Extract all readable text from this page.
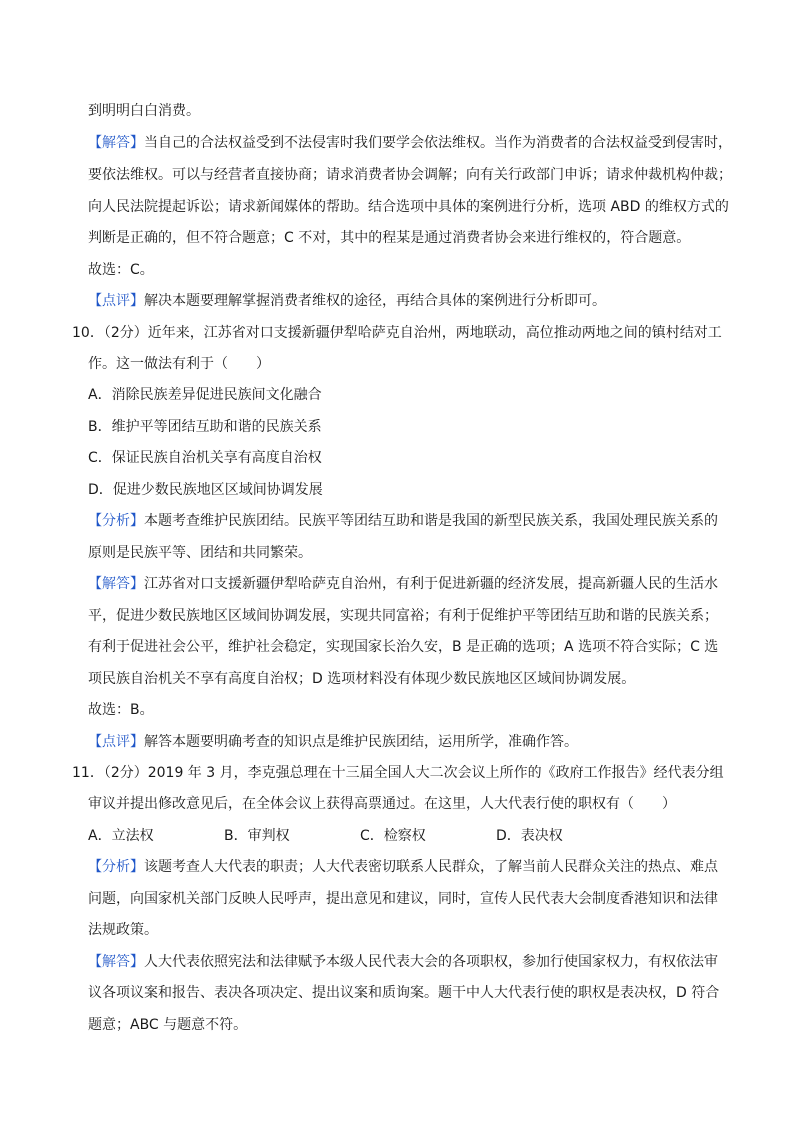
到明明白白消费。
【解答】当自己的合法权益受到不法侵害时我们要学会依法维权。当作为消费者的合法权益受到侵害时，
要依法维权。可以与经营者直接协商；请求消费者协会调解；向有关行政部门申诉；请求仲裁机构仲裁；
向人民法院提起诉讼；请求新闻媒体的帮助。结合选项中具体的案例进行分析，选项 ABD 的维权方式的
判断是正确的，但不符合题意；C 不对，其中的程某是通过消费者协会来进行维权的，符合题意。
故选：C。
【点评】解决本题要理解掌握消费者维权的途径，再结合具体的案例进行分析即可。
10．（2分）近年来，江苏省对口支援新疆伊犁哈萨克自治州，两地联动，高位推动两地之间的镇村结对工
作。这一做法有利于（　　）
A．消除民族差异促进民族间文化融合
B．维护平等团结互助和谐的民族关系
C．保证民族自治机关享有高度自治权
D．促进少数民族地区区域间协调发展
【分析】本题考查维护民族团结。民族平等团结互助和谐是我国的新型民族关系，我国处理民族关系的
原则是民族平等、团结和共同繁荣。
【解答】江苏省对口支援新疆伊犁哈萨克自治州，有利于促进新疆的经济发展，提高新疆人民的生活水
平，促进少数民族地区区域间协调发展，实现共同富裕；有利于促维护平等团结互助和谐的民族关系；
有利于促进社会公平，维护社会稳定，实现国家长治久安，B 是正确的选项；A 选项不符合实际；C 选
项民族自治机关不享有高度自治权；D 选项材料没有体现少数民族地区区域间协调发展。
故选：B。
【点评】解答本题要明确考查的知识点是维护民族团结，运用所学，准确作答。
11．（2分）2019 年 3 月，李克强总理在十三届全国人大二次会议上所作的《政府工作报告》经代表分组
审议并提出修改意见后，在全体会议上获得高票通过。在这里，人大代表行使的职权有（　　）
A．立法权	B．审判权	C．检察权	D．表决权
【分析】该题考查人大代表的职责；人大代表密切联系人民群众，了解当前人民群众关注的热点、难点
问题，向国家机关部门反映人民呼声，提出意见和建议，同时，宣传人民代表大会制度香港知识和法律
法规政策。
【解答】人大代表依照宪法和法律赋予本级人民代表大会的各项职权，参加行使国家权力，有权依法审
议各项议案和报告、表决各项决定、提出议案和质询案。题干中人大代表行使的职权是表决权，D 符合
题意；ABC 与题意不符。
